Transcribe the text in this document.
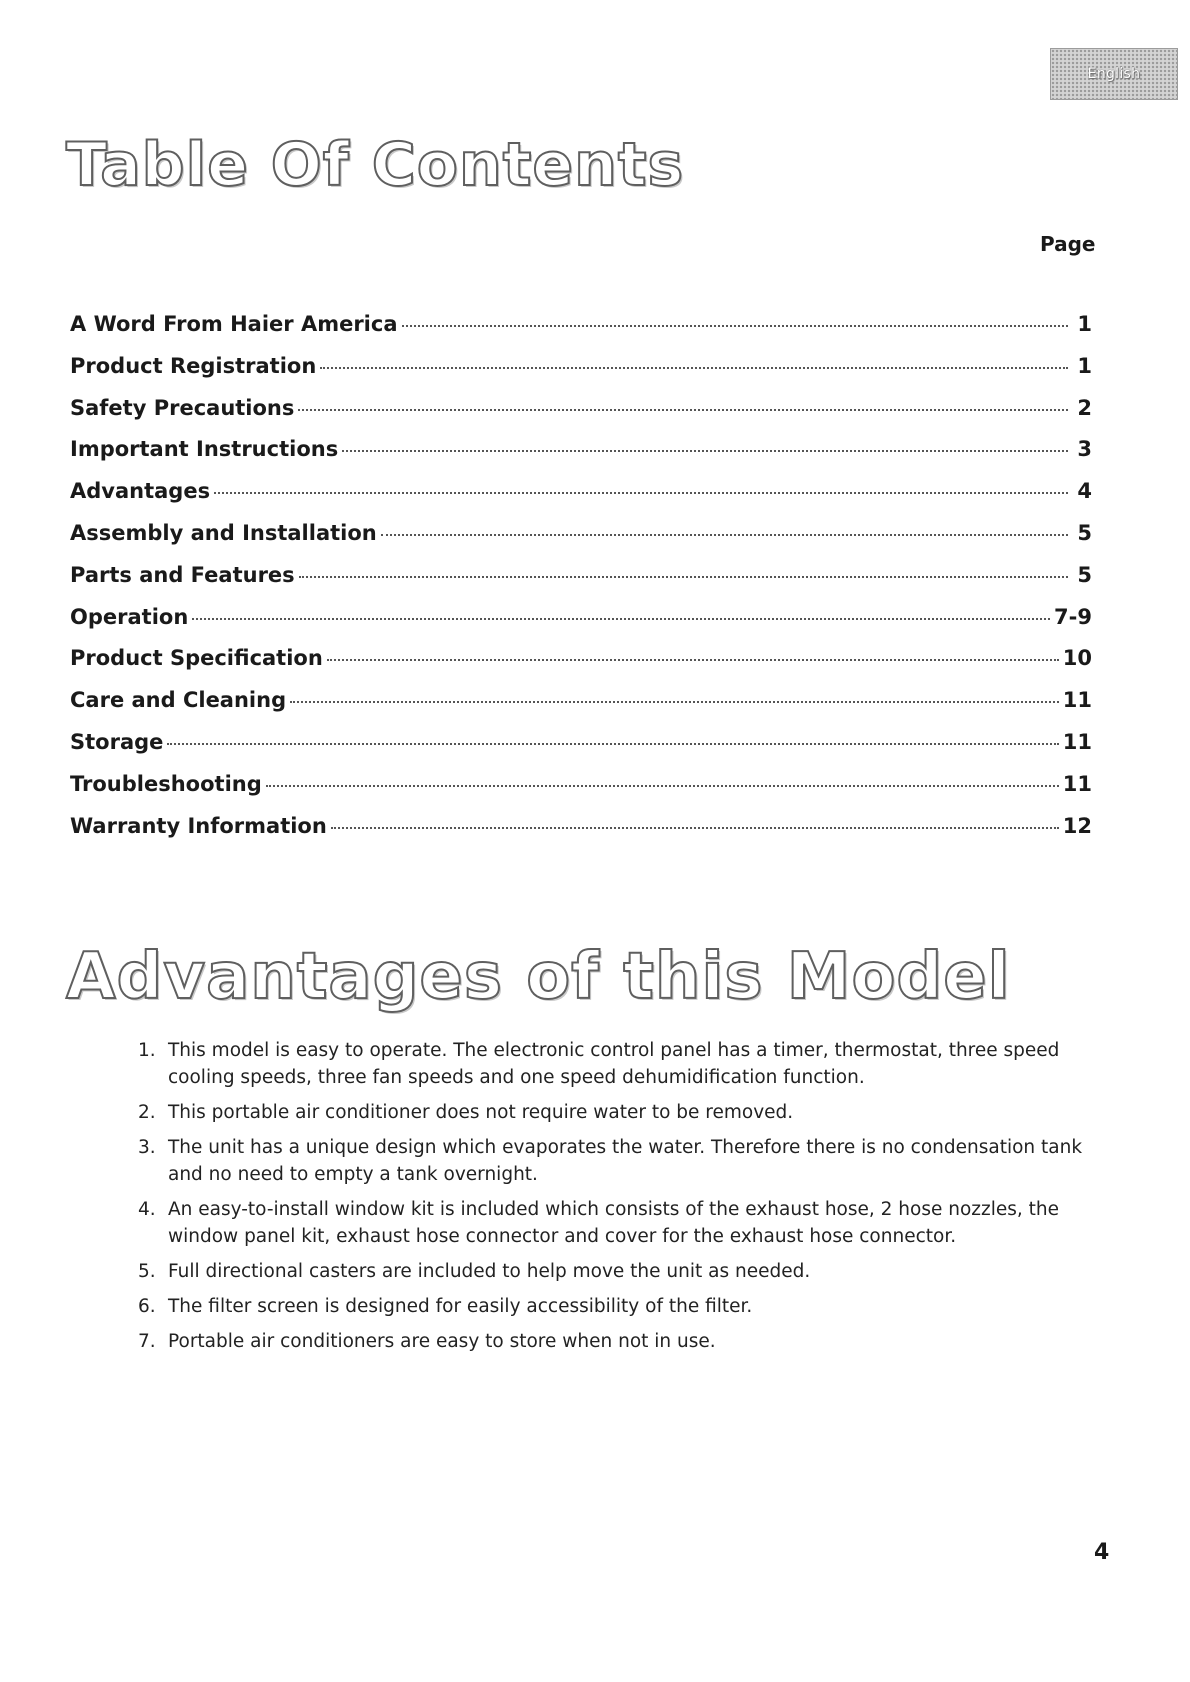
English
Table Of Contents
Page
A Word From Haier America	1
Product Registration	1
Safety Precautions	2
Important Instructions	3
Advantages	4
Assembly and Installation	5
Parts and Features	5
Operation	7-9
Product Specification	10
Care and Cleaning	11
Storage	11
Troubleshooting	11
Warranty Information	12
Advantages of this Model
1. This model is easy to operate. The electronic control panel has a timer, thermostat, three speed cooling speeds, three fan speeds and one speed dehumidification function.
2. This portable air conditioner does not require water to be removed.
3. The unit has a unique design which evaporates the water. Therefore there is no condensation tank and no need to empty a tank overnight.
4. An easy-to-install window kit is included which consists of the exhaust hose, 2 hose nozzles, the window panel kit, exhaust hose connector and cover for the exhaust hose connector.
5. Full directional casters are included to help move the unit as needed.
6. The filter screen is designed for easily accessibility of the filter.
7. Portable air conditioners are easy to store when not in use.
4
